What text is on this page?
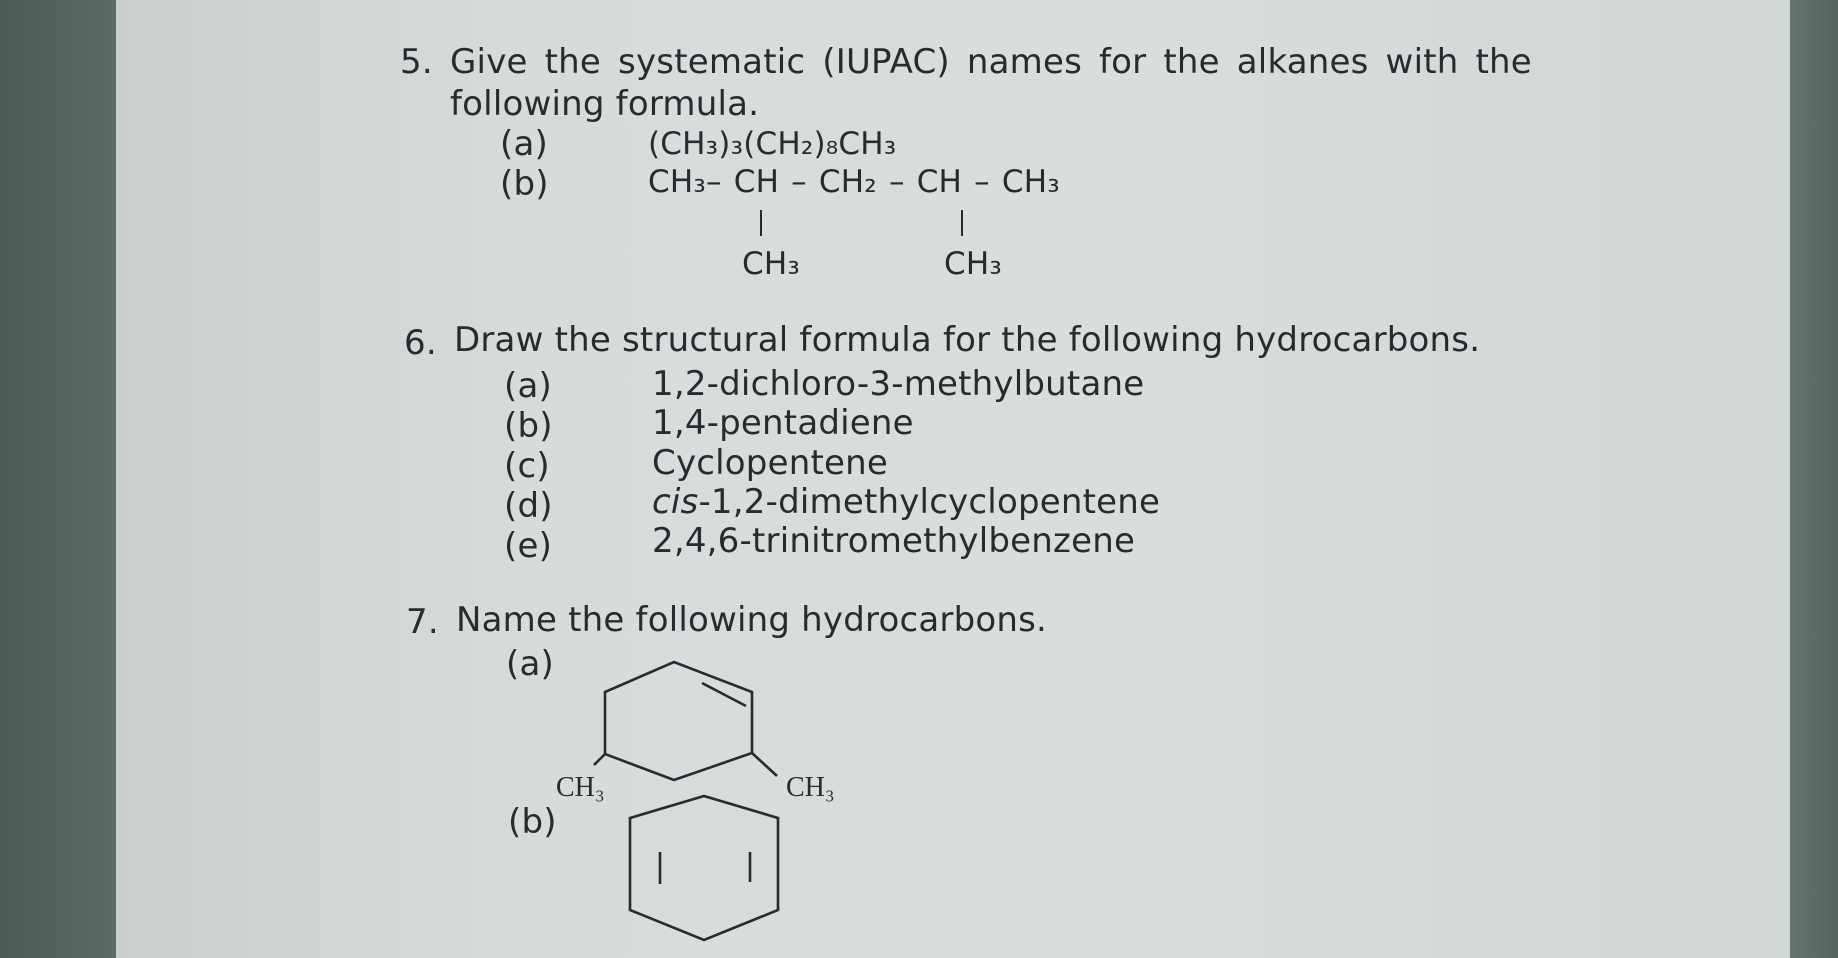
5. Give the systematic (IUPAC) names for the alkanes with the
following formula.
(a)	(CH₃)₃(CH₂)₈CH₃
(b)	CH₃– CH – CH₂ – CH – CH₃
CH₃	CH₃
6. Draw the structural formula for the following hydrocarbons.
(a)	1,2-dichloro-3-methylbutane
(b)	1,4-pentadiene
(c)	Cyclopentene
(d)	cis-1,2-dimethylcyclopentene
(e)	2,4,6-trinitromethylbenzene
7. Name the following hydrocarbons.
(a)
(b)
CH₃	CH₃
